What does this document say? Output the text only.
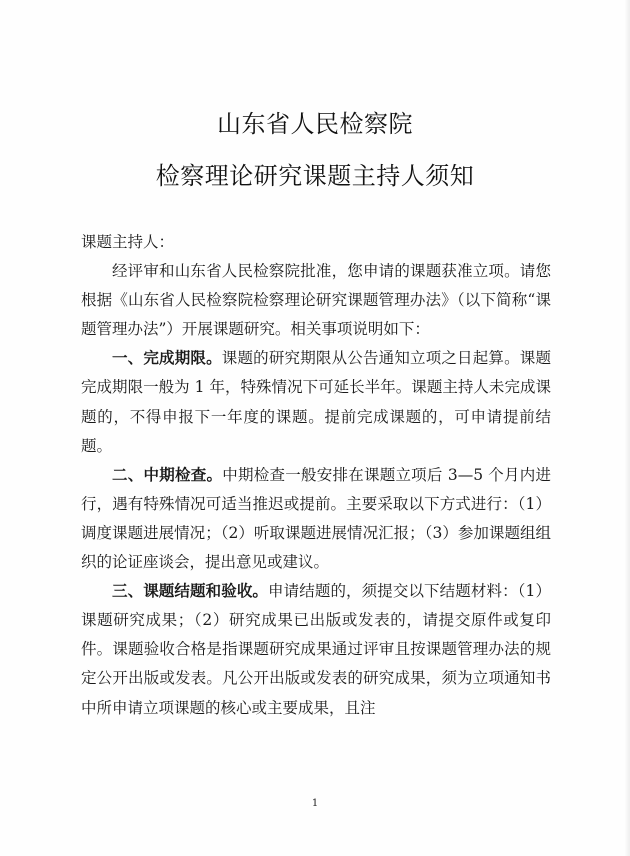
山东省人民检察院
检察理论研究课题主持人须知

课题主持人：

经评审和山东省人民检察院批准，您申请的课题获准立项。请您根据《山东省人民检察院检察理论研究课题管理办法》（以下简称“课题管理办法”）开展课题研究。相关事项说明如下：

一、完成期限。课题的研究期限从公告通知立项之日起算。课题完成期限一般为 1 年，特殊情况下可延长半年。课题主持人未完成课题的，不得申报下一年度的课题。提前完成课题的，可申请提前结题。

二、中期检查。中期检查一般安排在课题立项后 3—5 个月内进行，遇有特殊情况可适当推迟或提前。主要采取以下方式进行：（1）调度课题进展情况；（2）听取课题进展情况汇报；（3）参加课题组组织的论证座谈会，提出意见或建议。

三、课题结题和验收。申请结题的，须提交以下结题材料：（1）课题研究成果；（2）研究成果已出版或发表的，请提交原件或复印件。课题验收合格是指课题研究成果通过评审且按课题管理办法的规定公开出版或发表。凡公开出版或发表的研究成果，须为立项通知书中所申请立项课题的核心或主要成果，且注

1
